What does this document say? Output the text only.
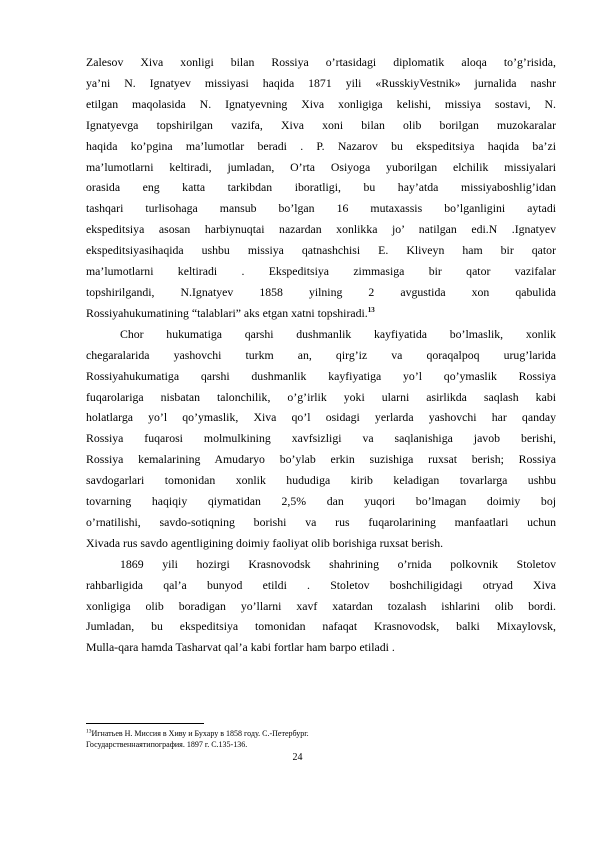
Zalesov Xiva xonligi bilan Rossiya o’rtasidagi diplomatik aloqa to’g’risida,
ya’ni N. Ignatyev missiyasi haqida 1871 yili «RusskiyVestnik» jurnalida nashr
etilgan maqolasida N. Ignatyevning Xiva xonligiga kelishi, missiya sostavi, N.
Ignatyevga topshirilgan vazifa, Xiva xoni bilan olib borilgan muzokaralar
haqida ko’pgina ma’lumotlar beradi . P. Nazarov bu ekspeditsiya haqida ba’zi
ma’lumotlarni keltiradi, jumladan, O’rta Osiyoga yuborilgan elchilik missiyalari
orasida eng katta tarkibdan iboratligi, bu hay’atda missiyaboshlig’idan
tashqari turlisohaga mansub bo’lgan 16 mutaxassis bo’lganligini aytadi
ekspeditsiya asosan harbiynuqtai nazardan xonlikka jo’ natilgan edi.N .Ignatyev
ekspeditsiyasihaqida ushbu missiya qatnashchisi E. Kliveyn ham bir qator
ma’lumotlarni keltiradi . Ekspeditsiya zimmasiga bir qator vazifalar
topshirilgandi, N.Ignatyev 1858 yilning 2 avgustida xon qabulida
Rossiyahukumatining “talablari” aks etgan xatni topshiradi.$^{13}$

Chor hukumatiga qarshi dushmanlik kayfiyatida bo’lmaslik, xonlik
chegaralarida yashovchi turkm an, qirg’iz va qoraqalpoq urug’larida
Rossiyahukumatiga qarshi dushmanlik kayfiyatiga yo’l qo’ymaslik Rossiya
fuqarolariga nisbatan talonchilik, o’g’irlik yoki ularni asirlikda saqlash kabi
holatlarga yo’l qo’ymaslik, Xiva qo’l osidagi yerlarda yashovchi har qanday
Rossiya fuqarosi molmulkining xavfsizligi va saqlanishiga javob berishi,
Rossiya kemalarining Amudaryo bo’ylab erkin suzishiga ruxsat berish; Rossiya
savdogarlari tomonidan xonlik hududiga kirib keladigan tovarlarga ushbu
tovarning haqiqiy qiymatidan 2,5% dan yuqori bo’lmagan doimiy boj
o’rnatilishi, savdo-sotiqning borishi va rus fuqarolarining manfaatlari uchun
Xivada rus savdo agentligining doimiy faoliyat olib borishiga ruxsat berish.

1869 yili hozirgi Krasnovodsk shahrining o’rnida polkovnik Stoletov
rahbarligida qal’a bunyod etildi . Stoletov boshchiligidagi otryad Xiva
xonligiga olib boradigan yo’llarni xavf xatardan tozalash ishlarini olib bordi.
Jumladan, bu ekspeditsiya tomonidan nafaqat Krasnovodsk, balki Mixaylovsk,
Mulla-qara hamda Tasharvat qal’a kabi fortlar ham barpo etiladi .

$^{13}$Игнатьев Н. Миссия в Хиву и Бухару в 1858 году. С.-Петербург.
Государственнаятипография. 1897 г. С.135-136.
24
